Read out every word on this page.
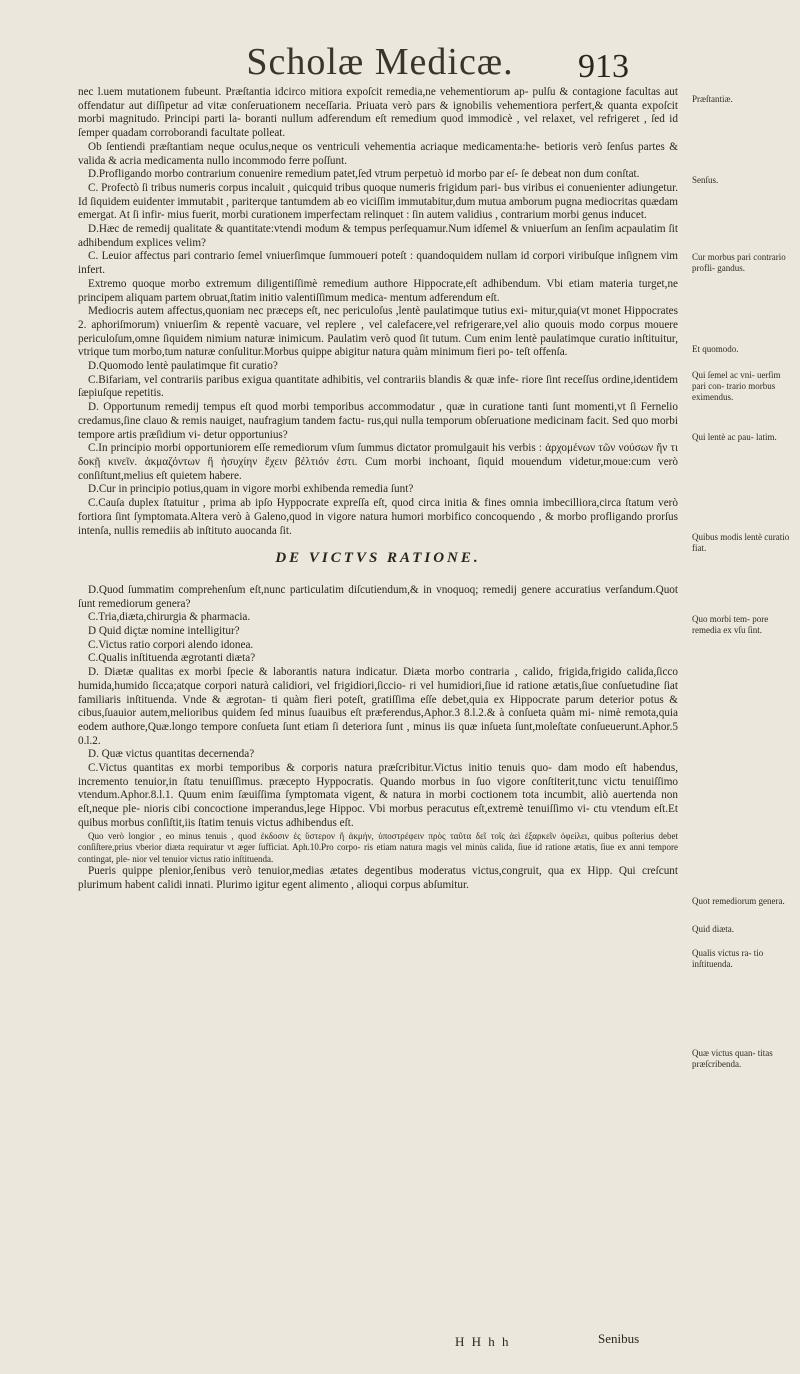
Scholæ Medicæ.	913

nec l.uem mutationem fubeunt. Præſtantia idcirco mitiora expoſcit remedia,ne vehementiorum ap- pulſu & contagione facultas aut offendatur aut diſſipetur ad vitæ conſeruationem neceſſaria. Priuata verò pars & ignobilis vehementiora perfert,& quanta expoſcit morbi magnitudo. Principi parti la- boranti nullum adferendum eſt remedium quod immodicè , vel relaxet, vel refrigeret , ſed id ſemper quadam corroborandi facultate polleat.

Ob ſentiendi præſtantiam neque oculus,neque os ventriculi vehementia acriaque medicamenta:he- betioris verò ſenſus partes & valida & acria medicamenta nullo incommodo ferre poſſunt.

D.Profligando morbo contrarium conuenire remedium patet,ſed vtrum perpetuò id morbo par eſ- ſe debeat non dum conſtat.

C. Profectò ſi tribus numeris corpus incaluit , quicquid tribus quoque numeris frigidum pari- bus viribus ei conuenienter adiungetur. Id ſiquidem euidenter immutabit , pariterque tantumdem ab eo viciſſim immutabitur,dum mutua amborum pugna mediocritas quædam emergat. At ſi infir- mius fuerit, morbi curationem imperfectam relinquet : ſin autem validius , contrarium morbi genus inducet.

D.Hæc de remedij qualitate & quantitate:vtendi modum & tempus perſequamur.Num idſemel & vniuerſum an ſenſim acpaulatim ſit adhibendum explices velim?

C. Leuior affectus pari contrario ſemel vniuerſimque ſummoueri poteſt : quandoquidem nullam id corpori viribuſque inſignem vim infert.

Extremo quoque morbo extremum diligentiſſimè remedium authore Hippocrate,eſt adhibendum. Vbi etiam materia turget,ne principem aliquam partem obruat,ſtatim initio valentiſſimum medica- mentum adferendum eſt.

Mediocris autem affectus,quoniam nec præceps eſt, nec periculoſus ,lentè paulatimque tutius exi- mitur,quia(vt monet Hippocrates 2. aphoriſmorum) vniuerſim & repentè vacuare, vel replere , vel calefacere,vel refrigerare,vel alio quouis modo corpus mouere periculoſum,omne ſiquidem nimium naturæ inimicum. Paulatim verò quod ſit tutum. Cum enim lentè paulatimque curatio inſtituitur, vtrique tum morbo,tum naturæ conſulitur.Morbus quippe abigitur natura quàm minimum fieri po- teſt offenſa.

D.Quomodo lentè paulatimque fit curatio?

C.Bifariam, vel contrariis paribus exigua quantitate adhibitis, vel contrariis blandis & quæ infe- riore ſint receſſus ordine,identidem ſæpiuſque repetitis.

D. Opportunum remedij tempus eſt quod morbi temporibus accommodatur , quæ in curatione tanti ſunt momenti,vt ſi Fernelio credamus,ſine clauo & remis nauiget, naufragium tandem factu- rus,qui nulla temporum obſeruatione medicinam facit. Sed quo morbi tempore artis præſidium vi- detur opportunius?

C.In principio morbi opportuniorem eſſe remediorum vſum ſummus dictator promulgauit his verbis : ἀρχομένων τῶν νούσων ἤν τι δοκῇ κινεῖν. ἀκμαζόντων ἢ ἡσυχίην ἔχειν βέλτιόν ἐστι. Cum morbi inchoant, ſiquid mouendum videtur,moue:cum verò conſiſtunt,melius eſt quietem habere.

D.Cur in principio potius,quam in vigore morbi exhibenda remedia ſunt?

C.Cauſa duplex ſtatuitur , prima ab ipſo Hyppocrate expreſſa eſt, quod circa initia & fines omnia imbecilliora,circa ſtatum verò fortiora ſint ſymptomata.Altera verò à Galeno,quod in vigore natura humori morbifico concoquendo , & morbo profligando prorſus intenſa, nullis remediis ab inſtituto auocanda ſit.

DE VICTVS RATIONE.

D.Quod ſummatim comprehenſum eſt,nunc particulatim diſcutiendum,& in vnoquoq; remedij genere accuratius verſandum.Quot ſunt remediorum genera?

C.Tria,diæta,chirurgia & pharmacia.

D Quid diçtæ nomine intelligitur?

C.Victus ratio corpori alendo idonea.

C.Qualis inſtituenda ægrotanti diæta?

D. Diætæ qualitas ex morbi ſpecie & laborantis natura indicatur. Diæta morbo contraria , calido, frigida,frigido calida,ſicco humida,humido ſicca;atque corpori naturà calidiori, vel frigidiori,ſiccio- ri vel humidiori,ſiue id ratione ætatis,ſiue conſuetudine ſiat familiaris inſtituenda. Vnde & ægrotan- ti quàm fieri poteſt, gratiſſima eſſe debet,quia ex Hippocrate parum deterior potus & cibus,ſuauior autem,melioribus quidem ſed minus ſuauibus eſt præferendus,Aphor.3 8.l.2.& à conſueta quàm mi- nimè remota,quia eodem authore,Quæ.longo tempore conſueta ſunt etiam ſi deteriora ſunt , minus iis quæ inſueta ſunt,moleſtate conſueuerunt.Aphor.5 0.l.2.

D. Quæ victus quantitas decernenda?

C.Victus quantitas ex morbi temporibus & corporis natura præſcribitur.Victus initio tenuis quo- dam modo eſt habendus, incremento tenuior,in ſtatu tenuiſſimus. præcepto Hyppocratis. Quando morbus in ſuo vigore conſtiterit,tunc victu tenuiſſimo vtendum.Aphor.8.l.1. Quum enim ſæuiſſima ſymptomata vigent, & natura in morbi coctionem tota incumbit, aliò auertenda non eſt,neque ple- nioris cibi concoctione imperandus,lege Hippoc. Vbi morbus peracutus eſt,extremè tenuiſſimo vi- ctu vtendum eſt.Et quibus morbus conſiſtit,iis ſtatim tenuis victus adhibendus eſt.

Quo verò longior , eo minus tenuis , quod ἐκδοσιν ἐς ὕστερον ἢ ἀκμήν, ὑποστρέφειν πρὸς ταῦτα δεῖ τοῖς ἀεὶ ἐξαρκεῖν ὀφείλει, quibus poſterius debet conſiſtere,prius vberior diæta requiratur vt æger ſufficiat. Aph.10.Pro corpo- ris etiam natura magis vel minùs calida, ſiue id ratione ætatis, ſiue ex anni tempore contingat, ple- nior vel tenuior victus ratio inſtituenda.

Pueris quippe plenior,ſenibus verò tenuior,medias ætates degentibus moderatus victus,congruit, qua ex Hipp. Qui creſcunt plurimum habent calidi innati. Plurimo igitur egent alimento , alioqui corpus abſumitur.

Præſtantiæ.
Senſus.
Cur morbus pari contrario profli- gandus.
Et quomodo.
Qui ſemel ac vni- uerſim pari con- trario morbus eximendus.
Qui lentè ac pau- latim.
Quibus modis lentè curatio fiat.
Quo morbi tem- pore remedia ex vſu ſint.
Quot remediorum genera.
Quid diæta.
Qualis victus ra- tio inſtituenda.
Quæ victus quan- titas præſcribenda.
H H h h	Senibus
